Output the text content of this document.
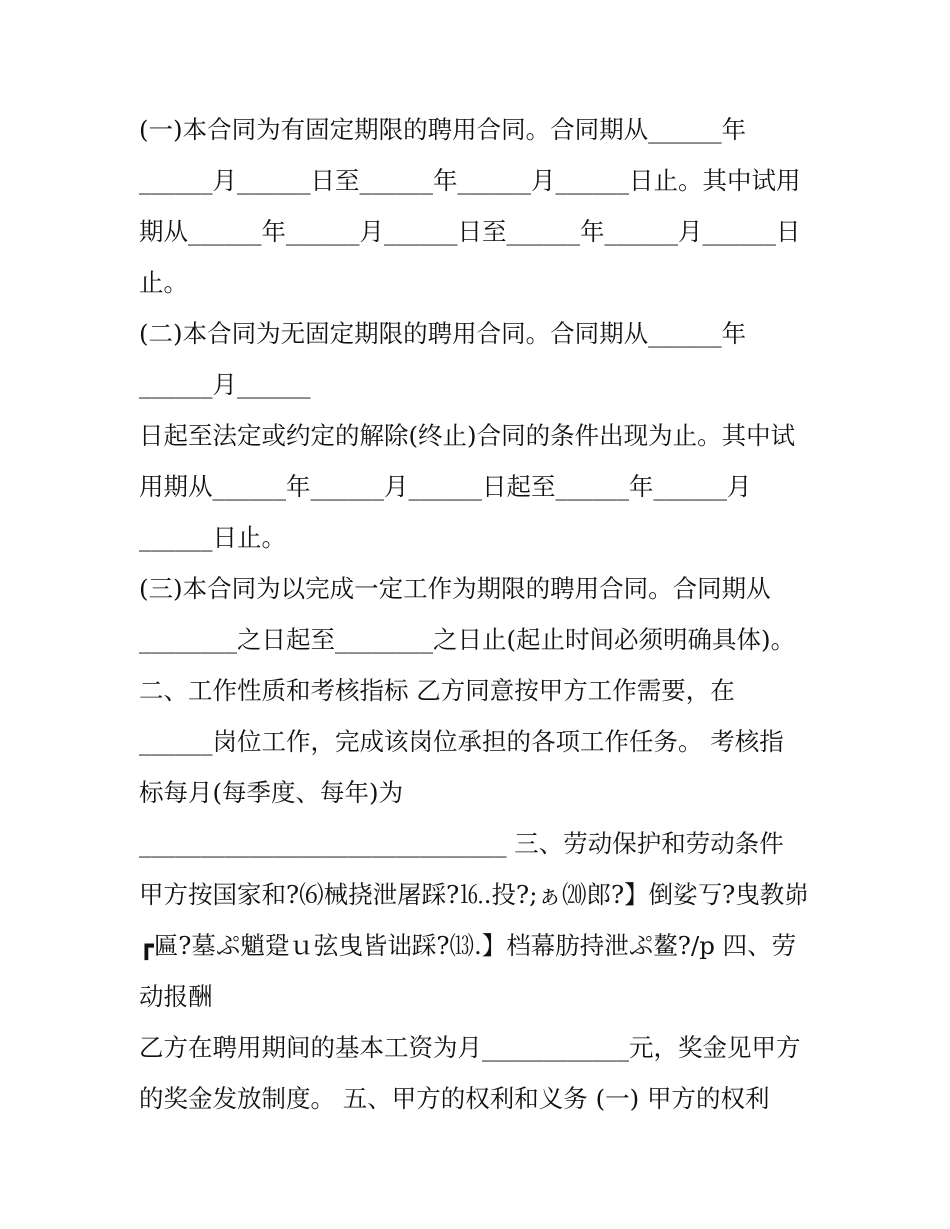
(一)本合同为有固定期限的聘用合同。合同期从______年
______月______日至______年______月______日止。其中试用
期从______年______月______日至______年______月______日
止。
(二)本合同为无固定期限的聘用合同。合同期从______年
______月______
日起至法定或约定的解除(终止)合同的条件出现为止。其中试
用期从______年______月______日起至______年______月
______日止。
(三)本合同为以完成一定工作为期限的聘用合同。合同期从
________之日起至________之日止(起止时间必须明确具体)。
二、工作性质和考核指标 乙方同意按甲方工作需要，在
______岗位工作，完成该岗位承担的各项工作任务。 考核指
标每月(每季度、每年)为
______________________________ 三、劳动保护和劳动条件
甲方按国家和?⑹械挠泄屠踩?⒗.投?;ぁ⒇郎?】倒娑丂?曳教峁
┏匾?墓ぷ魈跫ｕ弦曳皆诎踩?⒀.】档幕肪持泄ぷ鳌?/p 四、劳
动报酬
乙方在聘用期间的基本工资为月____________元，奖金见甲方
的奖金发放制度。 五、甲方的权利和义务 (一) 甲方的权利
